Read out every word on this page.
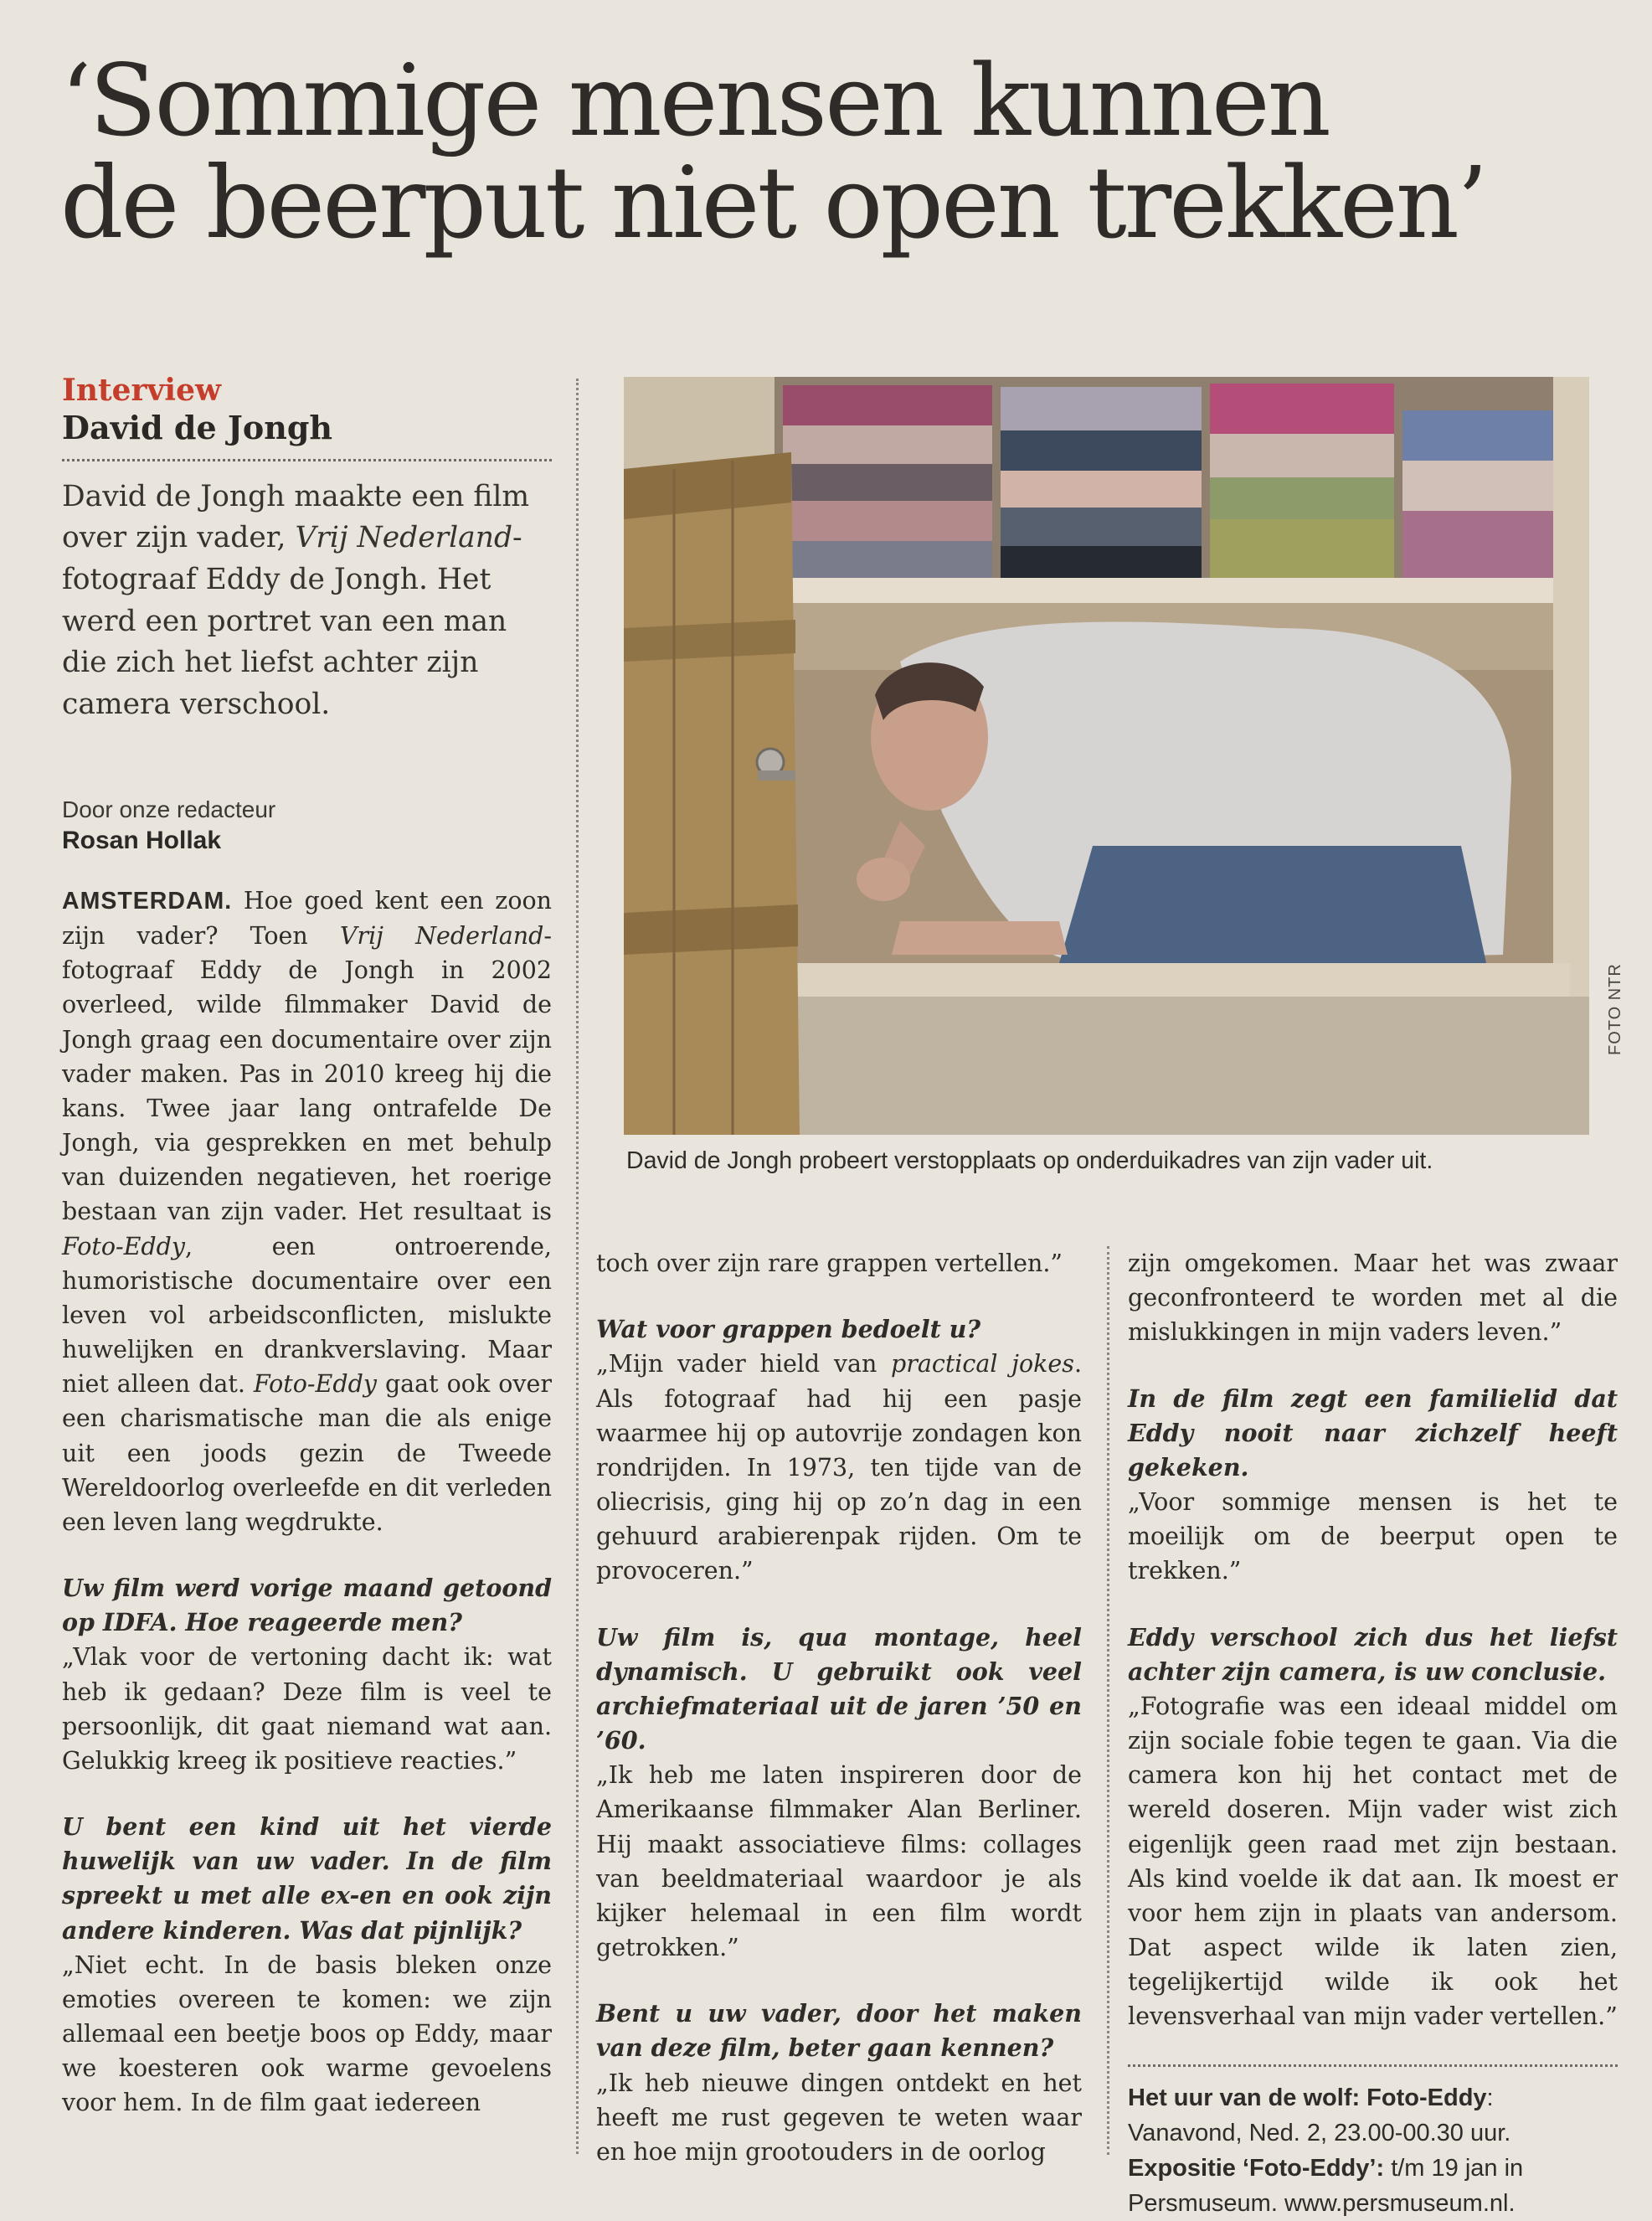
‘Sommige mensen kunnen
de beerput niet open trekken’

Interview

David de Jongh

David de Jongh maakte een film over zijn vader, Vrij Nederland-fotograaf Eddy de Jongh. Het werd een portret van een man die zich het liefst achter zijn camera verschool.

Door onze redacteur

Rosan Hollak

AMSTERDAM. Hoe goed kent een zoon zijn vader? Toen Vrij Nederland-fotograaf Eddy de Jongh in 2002 overleed, wilde filmmaker David de Jongh graag een documentaire over zijn vader maken. Pas in 2010 kreeg hij die kans. Twee jaar lang ontrafelde De Jongh, via gesprekken en met behulp van duizenden negatieven, het roerige bestaan van zijn vader. Het resultaat is Foto-Eddy, een ontroerende, humoristische documentaire over een leven vol arbeidsconflicten, mislukte huwelijken en drankverslaving. Maar niet alleen dat. Foto-Eddy gaat ook over een charismatische man die als enige uit een joods gezin de Tweede Wereldoorlog overleefde en dit verleden een leven lang wegdrukte.

Uw film werd vorige maand getoond op IDFA. Hoe reageerde men?

„Vlak voor de vertoning dacht ik: wat heb ik gedaan? Deze film is veel te persoonlijk, dit gaat niemand wat aan. Gelukkig kreeg ik positieve reacties.”

U bent een kind uit het vierde huwelijk van uw vader. In de film spreekt u met alle ex-en en ook zijn andere kinderen. Was dat pijnlijk?

„Niet echt. In de basis bleken onze emoties overeen te komen: we zijn allemaal een beetje boos op Eddy, maar we koesteren ook warme gevoelens voor hem. In de film gaat iedereen

FOTO NTR
David de Jongh probeert verstopplaats op onderduikadres van zijn vader uit.

toch over zijn rare grappen vertellen.”

Wat voor grappen bedoelt u?

„Mijn vader hield van practical jokes. Als fotograaf had hij een pasje waarmee hij op autovrije zondagen kon rondrijden. In 1973, ten tijde van de oliecrisis, ging hij op zo’n dag in een gehuurd arabierenpak rijden. Om te provoceren.”

Uw film is, qua montage, heel dynamisch. U gebruikt ook veel archiefmateriaal uit de jaren ’50 en ’60.

„Ik heb me laten inspireren door de Amerikaanse filmmaker Alan Berliner. Hij maakt associatieve films: collages van beeldmateriaal waardoor je als kijker helemaal in een film wordt getrokken.”

Bent u uw vader, door het maken van deze film, beter gaan kennen?

„Ik heb nieuwe dingen ontdekt en het heeft me rust gegeven te weten waar en hoe mijn grootouders in de oorlog

zijn omgekomen. Maar het was zwaar geconfronteerd te worden met al die mislukkingen in mijn vaders leven.”

In de film zegt een familielid dat Eddy nooit naar zichzelf heeft gekeken.

„Voor sommige mensen is het te moeilijk om de beerput open te trekken.”

Eddy verschool zich dus het liefst achter zijn camera, is uw conclusie.

„Fotografie was een ideaal middel om zijn sociale fobie tegen te gaan. Via die camera kon hij het contact met de wereld doseren. Mijn vader wist zich eigenlijk geen raad met zijn bestaan. Als kind voelde ik dat aan. Ik moest er voor hem zijn in plaats van andersom. Dat aspect wilde ik laten zien, tegelijkertijd wilde ik ook het levensverhaal van mijn vader vertellen.”

Het uur van de wolf: Foto-Eddy:
Vanavond, Ned. 2, 23.00-00.30 uur.

Expositie ‘Foto-Eddy’: t/m 19 jan in Persmuseum. www.persmuseum.nl.
